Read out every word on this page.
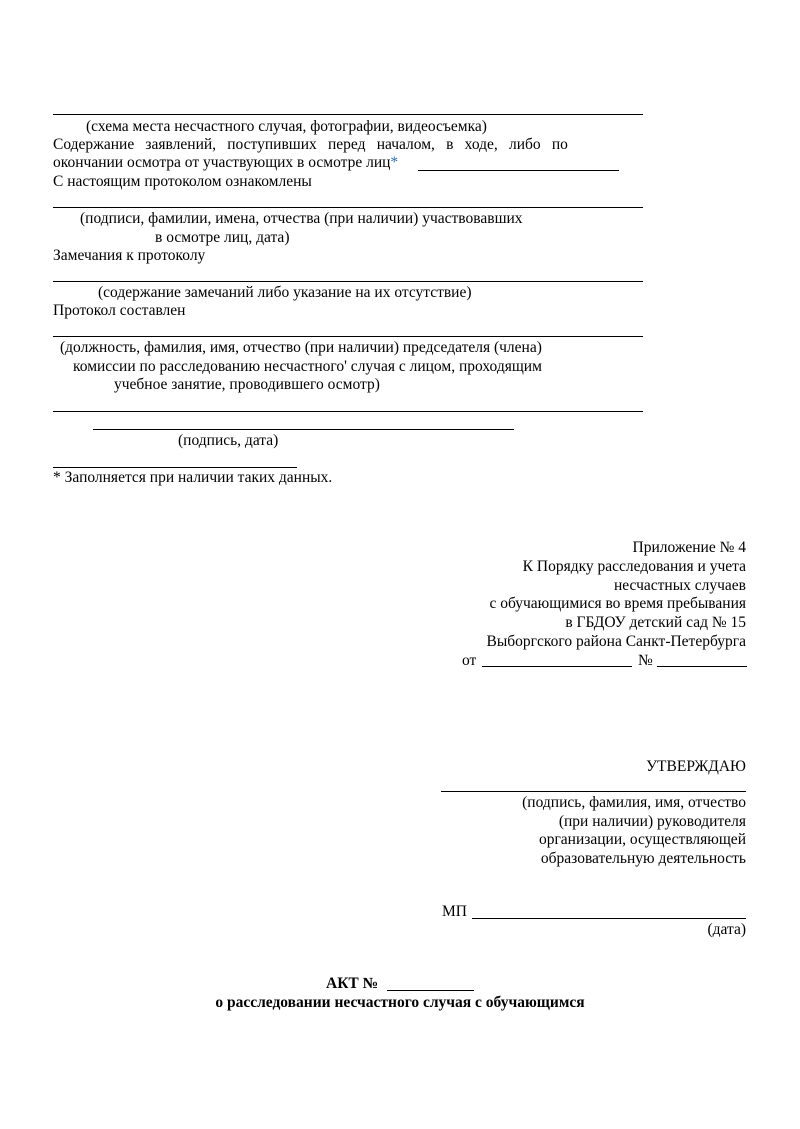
(схема места несчастного случая, фотографии, видеосъемка)
Содержание заявлений, поступивших перед началом, в ходе, либо по
окончании осмотра от участвующих в осмотре лиц*
С настоящим протоколом ознакомлены
(подписи, фамилии, имена, отчества (при наличии) участвовавших
в осмотре лиц, дата)
Замечания к протоколу
(содержание замечаний либо указание на их отсутствие)
Протокол составлен
(должность, фамилия, имя, отчество (при наличии) председателя (члена)
комиссии по расследованию несчастного' случая с лицом, проходящим
учебное занятие, проводившего осмотр)
(подпись, дата)
* Заполняется при наличии таких данных.
Приложение № 4
К Порядку расследования и учета
несчастных случаев
с обучающимися во время пребывания
в ГБДОУ детский сад № 15
Выборгского района Санкт-Петербурга
от	№
УТВЕРЖДАЮ
(подпись, фамилия, имя, отчество
(при наличии) руководителя
организации, осуществляющей
образовательную деятельность
МП
(дата)
АКТ №
о расследовании несчастного случая с обучающимся
